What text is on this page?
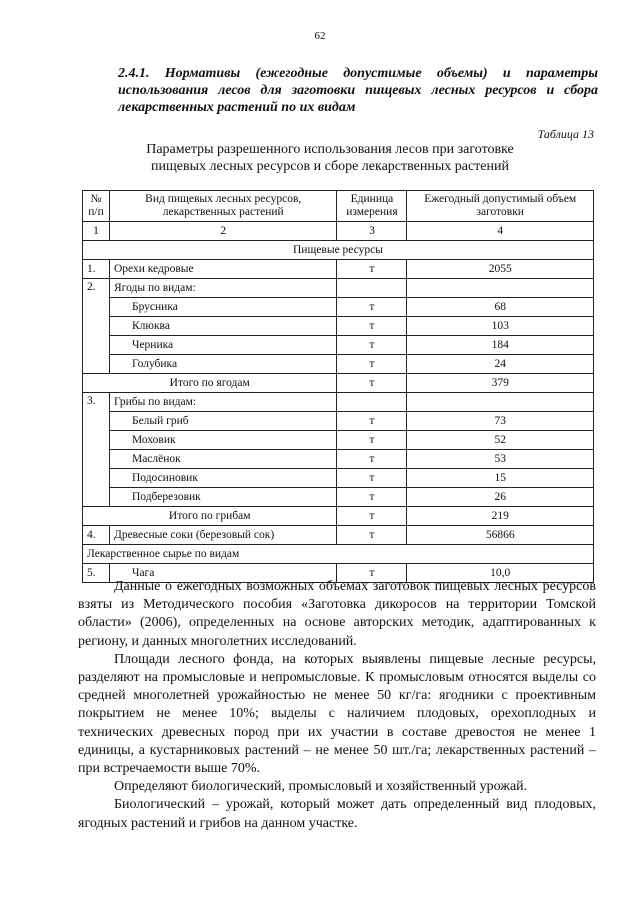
62
2.4.1. Нормативы (ежегодные допустимые объемы) и параметры использования лесов для заготовки пищевых лесных ресурсов и сбора лекарственных растений по их видам
Таблица 13
Параметры разрешенного использования лесов при заготовке
пищевых лесных ресурсов и сборе лекарственных растений
№ п/п	Вид пищевых лесных ресурсов, лекарственных растений	Единица измерения	Ежегодный допустимый объем заготовки
1	2	3	4
Пищевые ресурсы			
1.	Орехи кедровые	т	2055
2.	Ягоды по видам:		
	Брусника	т	68
	Клюква	т	103
	Черника	т	184
	Голубика	т	24
Итого по ягодам		т	379
3.	Грибы по видам:		
	Белый гриб	т	73
	Моховик	т	52
	Маслёнок	т	53
	Подосиновик	т	15
	Подберезовик	т	26
Итого по грибам		т	219
4.	Древесные соки (березовый сок)	т	56866
Лекарственное сырье по видам			
5.	Чага	т	10,0

Данные о ежегодных возможных объемах заготовок пищевых лесных ресурсов взяты из Методического пособия «Заготовка дикоросов на территории Томской области» (2006), определенных на основе авторских методик, адаптированных к региону, и данных многолетних исследований.

Площади лесного фонда, на которых выявлены пищевые лесные ресурсы, разделяют на промысловые и непромысловые. К промысловым относятся выделы со средней многолетней урожайностью не менее 50 кг/га: ягодники с проективным покрытием не менее 10%; выделы с наличием плодовых, орехоплодных и технических древесных пород при их участии в составе древостоя не менее 1 единицы, а кустарниковых растений – не менее 50 шт./га; лекарственных растений – при встречаемости выше 70%.

Определяют биологический, промысловый и хозяйственный урожай.

Биологический – урожай, который может дать определенный вид плодовых, ягодных растений и грибов на данном участке.
